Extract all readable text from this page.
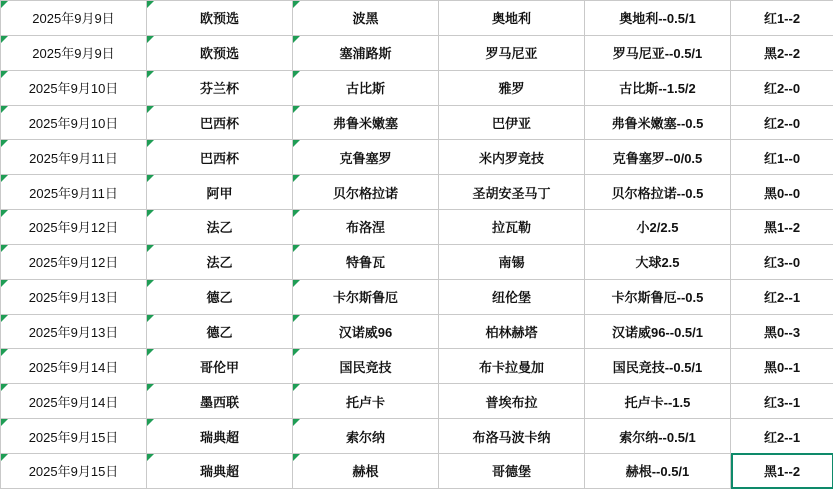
2025年9月9日	欧预选	波黑	奥地利	奥地利--0.5/1	红1--2
2025年9月9日	欧预选	塞浦路斯	罗马尼亚	罗马尼亚--0.5/1	黑2--2
2025年9月10日	芬兰杯	古比斯	雅罗	古比斯--1.5/2	红2--0
2025年9月10日	巴西杯	弗鲁米嫩塞	巴伊亚	弗鲁米嫩塞--0.5	红2--0
2025年9月11日	巴西杯	克鲁塞罗	米内罗竞技	克鲁塞罗--0/0.5	红1--0
2025年9月11日	阿甲	贝尔格拉诺	圣胡安圣马丁	贝尔格拉诺--0.5	黑0--0
2025年9月12日	法乙	布洛涅	拉瓦勒	小2/2.5	黑1--2
2025年9月12日	法乙	特鲁瓦	南锡	大球2.5	红3--0
2025年9月13日	德乙	卡尔斯鲁厄	纽伦堡	卡尔斯鲁厄--0.5	红2--1
2025年9月13日	德乙	汉诺威96	柏林赫塔	汉诺威96--0.5/1	黑0--3
2025年9月14日	哥伦甲	国民竞技	布卡拉曼加	国民竞技--0.5/1	黑0--1
2025年9月14日	墨西联	托卢卡	普埃布拉	托卢卡--1.5	红3--1
2025年9月15日	瑞典超	索尔纳	布洛马波卡纳	索尔纳--0.5/1	红2--1
2025年9月15日	瑞典超	赫根	哥德堡	赫根--0.5/1	黑1--2
